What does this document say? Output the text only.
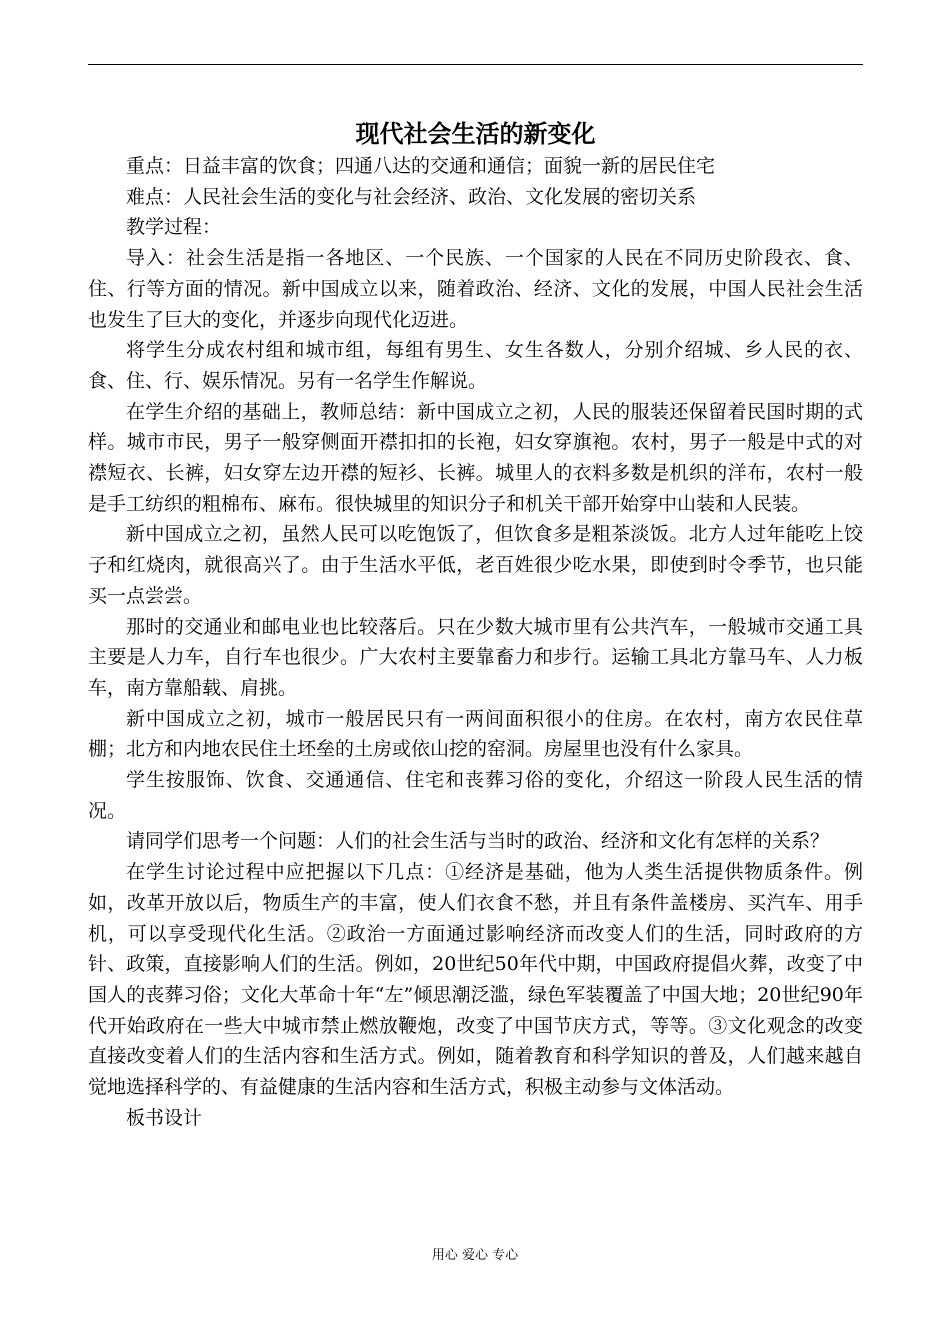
现代社会生活的新变化

重点：日益丰富的饮食；四通八达的交通和通信；面貌一新的居民住宅

难点：人民社会生活的变化与社会经济、政治、文化发展的密切关系

教学过程：

导入：社会生活是指一各地区、一个民族、一个国家的人民在不同历史阶段衣、食、住、行等方面的情况。新中国成立以来，随着政治、经济、文化的发展，中国人民社会生活也发生了巨大的变化，并逐步向现代化迈进。

将学生分成农村组和城市组，每组有男生、女生各数人，分别介绍城、乡人民的衣、食、住、行、娱乐情况。另有一名学生作解说。

在学生介绍的基础上，教师总结：新中国成立之初，人民的服装还保留着民国时期的式样。城市市民，男子一般穿侧面开襟扣扣的长袍，妇女穿旗袍。农村，男子一般是中式的对襟短衣、长裤，妇女穿左边开襟的短衫、长裤。城里人的衣料多数是机织的洋布，农村一般是手工纺织的粗棉布、麻布。很快城里的知识分子和机关干部开始穿中山装和人民装。

新中国成立之初，虽然人民可以吃饱饭了，但饮食多是粗茶淡饭。北方人过年能吃上饺子和红烧肉，就很高兴了。由于生活水平低，老百姓很少吃水果，即使到时令季节，也只能买一点尝尝。

那时的交通业和邮电业也比较落后。只在少数大城市里有公共汽车，一般城市交通工具主要是人力车，自行车也很少。广大农村主要靠畜力和步行。运输工具北方靠马车、人力板车，南方靠船载、肩挑。

新中国成立之初，城市一般居民只有一两间面积很小的住房。在农村，南方农民住草棚；北方和内地农民住土坯垒的土房或依山挖的窑洞。房屋里也没有什么家具。

学生按服饰、饮食、交通通信、住宅和丧葬习俗的变化，介绍这一阶段人民生活的情况。

请同学们思考一个问题：人们的社会生活与当时的政治、经济和文化有怎样的关系？

在学生讨论过程中应把握以下几点：①经济是基础，他为人类生活提供物质条件。例如，改革开放以后，物质生产的丰富，使人们衣食不愁，并且有条件盖楼房、买汽车、用手机，可以享受现代化生活。②政治一方面通过影响经济而改变人们的生活，同时政府的方针、政策，直接影响人们的生活。例如，20世纪50年代中期，中国政府提倡火葬，改变了中国人的丧葬习俗；文化大革命十年“左”倾思潮泛滥，绿色军装覆盖了中国大地；20世纪90年代开始政府在一些大中城市禁止燃放鞭炮，改变了中国节庆方式，等等。③文化观念的改变直接改变着人们的生活内容和生活方式。例如，随着教育和科学知识的普及，人们越来越自觉地选择科学的、有益健康的生活内容和生活方式，积极主动参与文体活动。

板书设计

用心 爱心 专心
